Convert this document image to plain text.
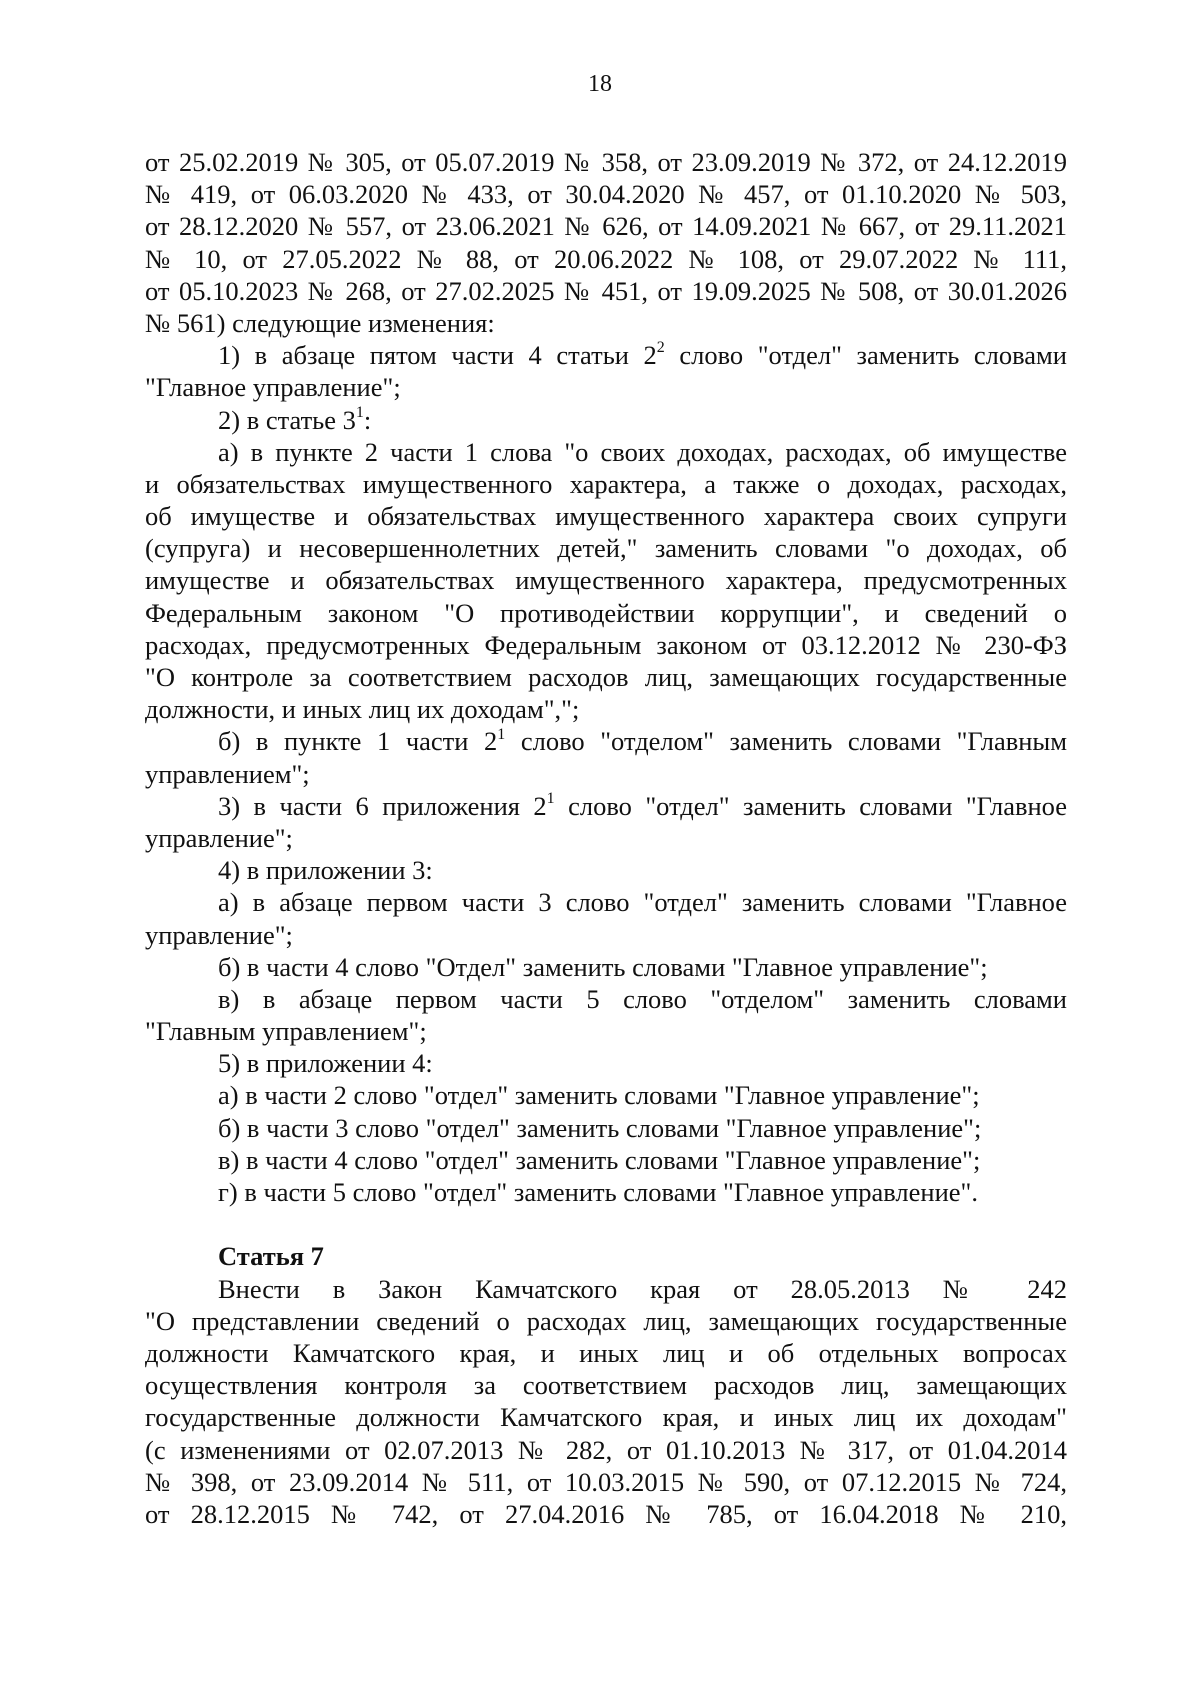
18
от 25.02.2019 № 305, от 05.07.2019 № 358, от 23.09.2019 № 372, от 24.12.2019
№ 419, от 06.03.2020 № 433, от 30.04.2020 № 457, от 01.10.2020 № 503,
от 28.12.2020 № 557, от 23.06.2021 № 626, от 14.09.2021 № 667, от 29.11.2021
№ 10, от 27.05.2022 № 88, от 20.06.2022 № 108, от 29.07.2022 № 111,
от 05.10.2023 № 268, от 27.02.2025 № 451, от 19.09.2025 № 508, от 30.01.2026
№ 561) следующие изменения:
1) в абзаце пятом части 4 статьи $2^2$ слово "отдел" заменить словами
"Главное управление";
2) в статье $3^1$:
а) в пункте 2 части 1 слова "о своих доходах, расходах, об имуществе
и обязательствах имущественного характера, а также о доходах, расходах,
об имуществе и обязательствах имущественного характера своих супруги
(супруга) и несовершеннолетних детей," заменить словами "о доходах, об
имуществе и обязательствах имущественного характера, предусмотренных
Федеральным законом "О противодействии коррупции", и сведений о
расходах, предусмотренных Федеральным законом от 03.12.2012 № 230-ФЗ
"О контроле за соответствием расходов лиц, замещающих государственные
должности, и иных лиц их доходам",";
б) в пункте 1 части $2^1$ слово "отделом" заменить словами "Главным
управлением";
3) в части 6 приложения $2^1$ слово "отдел" заменить словами "Главное
управление";
4) в приложении 3:
а) в абзаце первом части 3 слово "отдел" заменить словами "Главное
управление";
б) в части 4 слово "Отдел" заменить словами "Главное управление";
в) в абзаце первом части 5 слово "отделом" заменить словами
"Главным управлением";
5) в приложении 4:
а) в части 2 слово "отдел" заменить словами "Главное управление";
б) в части 3 слово "отдел" заменить словами "Главное управление";
в) в части 4 слово "отдел" заменить словами "Главное управление";
г) в части 5 слово "отдел" заменить словами "Главное управление".
Статья 7
Внести в Закон Камчатского края от 28.05.2013 № 242
"О представлении сведений о расходах лиц, замещающих государственные
должности Камчатского края, и иных лиц и об отдельных вопросах
осуществления контроля за соответствием расходов лиц, замещающих
государственные должности Камчатского края, и иных лиц их доходам"
(с изменениями от 02.07.2013 № 282, от 01.10.2013 № 317, от 01.04.2014
№ 398, от 23.09.2014 № 511, от 10.03.2015 № 590, от 07.12.2015 № 724,
от 28.12.2015 № 742, от 27.04.2016 № 785, от 16.04.2018 № 210,
